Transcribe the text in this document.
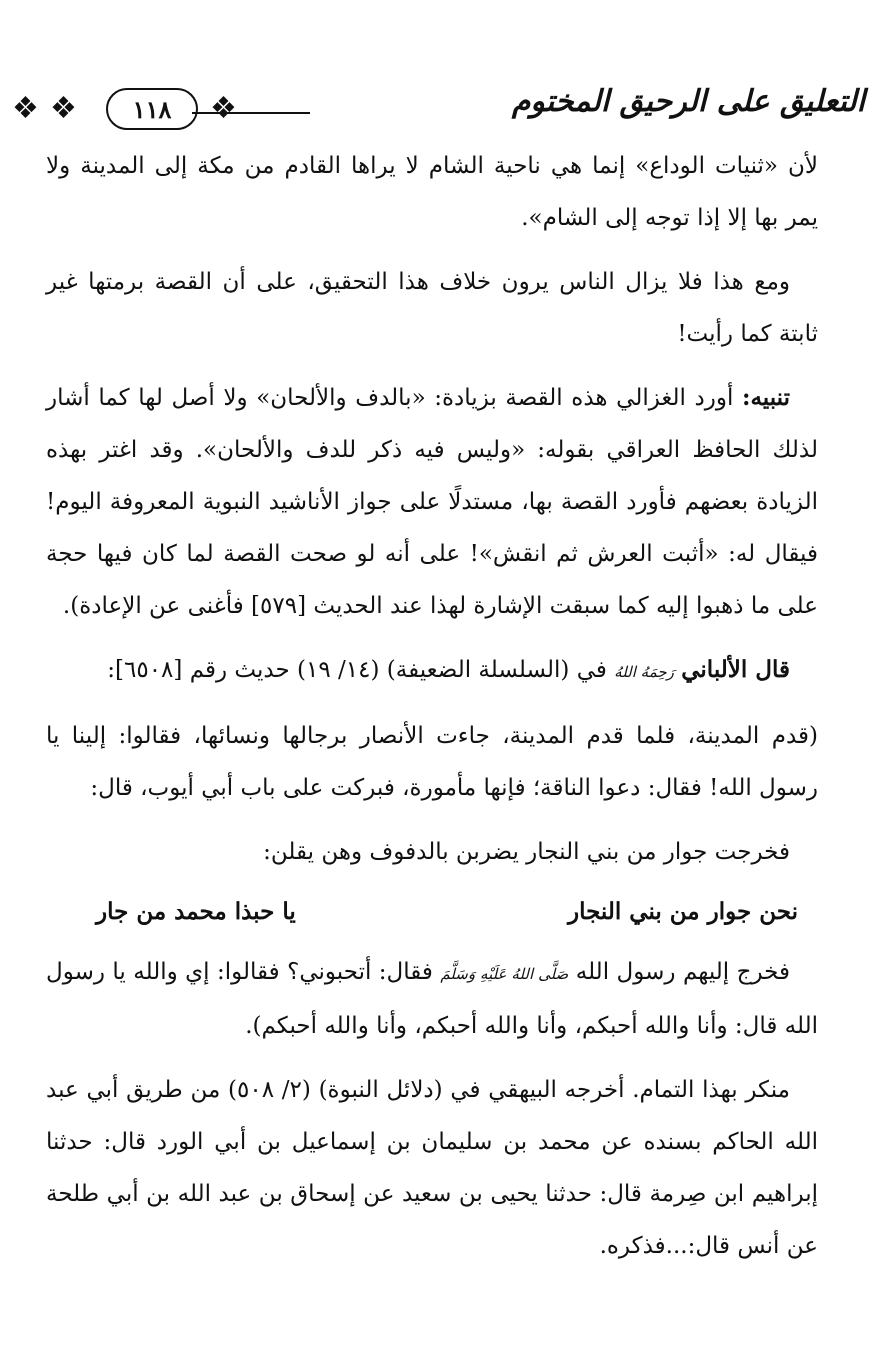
التعليق على الرحيق المختوم
❖
١١٨
❖
❖

لأن «ثنيات الوداع» إنما هي ناحية الشام لا يراها القادم من مكة إلى المدينة ولا يمر بها إلا إذا توجه إلى الشام».

ومع هذا فلا يزال الناس يرون خلاف هذا التحقيق، على أن القصة برمتها غير ثابتة كما رأيت!

تنبيه: أورد الغزالي هذه القصة بزيادة: «بالدف والألحان» ولا أصل لها كما أشار لذلك الحافظ العراقي بقوله: «وليس فيه ذكر للدف والألحان». وقد اغتر بهذه الزيادة بعضهم فأورد القصة بها، مستدلًا على جواز الأناشيد النبوية المعروفة اليوم! فيقال له: «أثبت العرش ثم انقش»! على أنه لو صحت القصة لما كان فيها حجة على ما ذهبوا إليه كما سبقت الإشارة لهذا عند الحديث [٥٧٩] فأغنى عن الإعادة).

قال الألباني رَحِمَهُ اللهُ في (السلسلة الضعيفة) (١٤/ ١٩) حديث رقم [٦٥٠٨]:

(قدم المدينة، فلما قدم المدينة، جاءت الأنصار برجالها ونسائها، فقالوا: إلينا يا رسول الله! فقال: دعوا الناقة؛ فإنها مأمورة، فبركت على باب أبي أيوب، قال:

فخرجت جوار من بني النجار يضربن بالدفوف وهن يقلن:

نحن جوار من بني النجار
يا حبذا محمد من جار

فخرج إليهم رسول الله صَلَّى اللهُ عَلَيْهِ وَسَلَّمَ فقال: أتحبوني؟ فقالوا: إي والله يا رسول الله قال: وأنا والله أحبكم، وأنا والله أحبكم، وأنا والله أحبكم).

منكر بهذا التمام. أخرجه البيهقي في (دلائل النبوة) (٢/ ٥٠٨) من طريق أبي عبد الله الحاكم بسنده عن محمد بن سليمان بن إسماعيل بن أبي الورد قال: حدثنا إبراهيم ابن صِرمة قال: حدثنا يحيى بن سعيد عن إسحاق بن عبد الله بن أبي طلحة عن أنس قال:...فذكره.
